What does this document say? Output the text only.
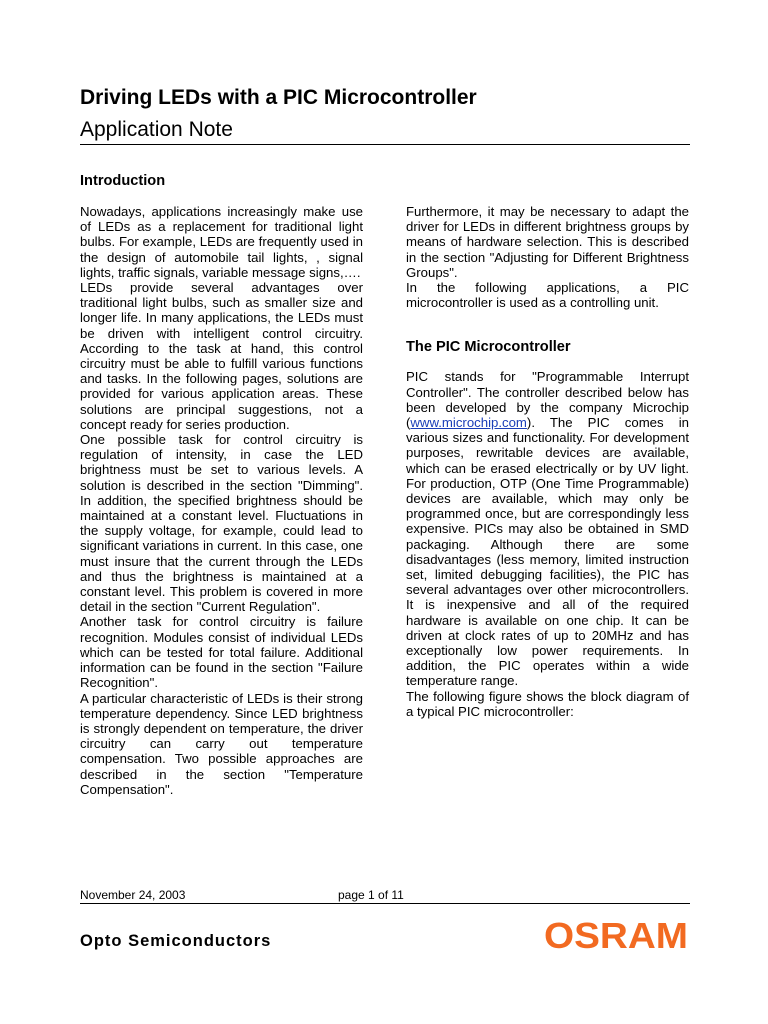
Driving LEDs with a PIC Microcontroller
Application Note
Introduction

Nowadays, applications increasingly make use of LEDs as a replacement for traditional light bulbs. For example, LEDs are frequently used in the design of automobile tail lights, , signal lights, traffic signals, variable message signs,….

LEDs provide several advantages over traditional light bulbs, such as smaller size and longer life. In many applications, the LEDs must be driven with intelligent control circuitry. According to the task at hand, this control circuitry must be able to fulfill various functions and tasks. In the following pages, solutions are provided for various application areas. These solutions are principal suggestions, not a concept ready for series production.

One possible task for control circuitry is regulation of intensity, in case the LED brightness must be set to various levels. A solution is described in the section "Dimming". In addition, the specified brightness should be maintained at a constant level. Fluctuations in the supply voltage, for example, could lead to significant variations in current. In this case, one must insure that the current through the LEDs and thus the brightness is maintained at a constant level. This problem is covered in more detail in the section "Current Regulation".

Another task for control circuitry is failure recognition. Modules consist of individual LEDs which can be tested for total failure. Additional information can be found in the section "Failure Recognition".

A particular characteristic of LEDs is their strong temperature dependency. Since LED brightness is strongly dependent on temperature, the driver circuitry can carry out temperature compensation. Two possible approaches are described in the section "Temperature Compensation".

Furthermore, it may be necessary to adapt the driver for LEDs in different brightness groups by means of hardware selection. This is described in the section "Adjusting for Different Brightness Groups".

In the following applications, a PIC microcontroller is used as a controlling unit.

The PIC Microcontroller

PIC stands for "Programmable Interrupt Controller". The controller described below has been developed by the company Microchip (www.microchip.com). The PIC comes in various sizes and functionality. For development purposes, rewritable devices are available, which can be erased electrically or by UV light. For production, OTP (One Time Programmable) devices are available, which may only be programmed once, but are correspondingly less expensive. PICs may also be obtained in SMD packaging. Although there are some disadvantages (less memory, limited instruction set, limited debugging facilities), the PIC has several advantages over other microcontrollers. It is inexpensive and all of the required hardware is available on one chip. It can be driven at clock rates of up to 20MHz and has exceptionally low power requirements. In addition, the PIC operates within a wide temperature range.

The following figure shows the block diagram of a typical PIC microcontroller:

November 24, 2003	page 1 of 11
Opto Semiconductors	OSRAM
